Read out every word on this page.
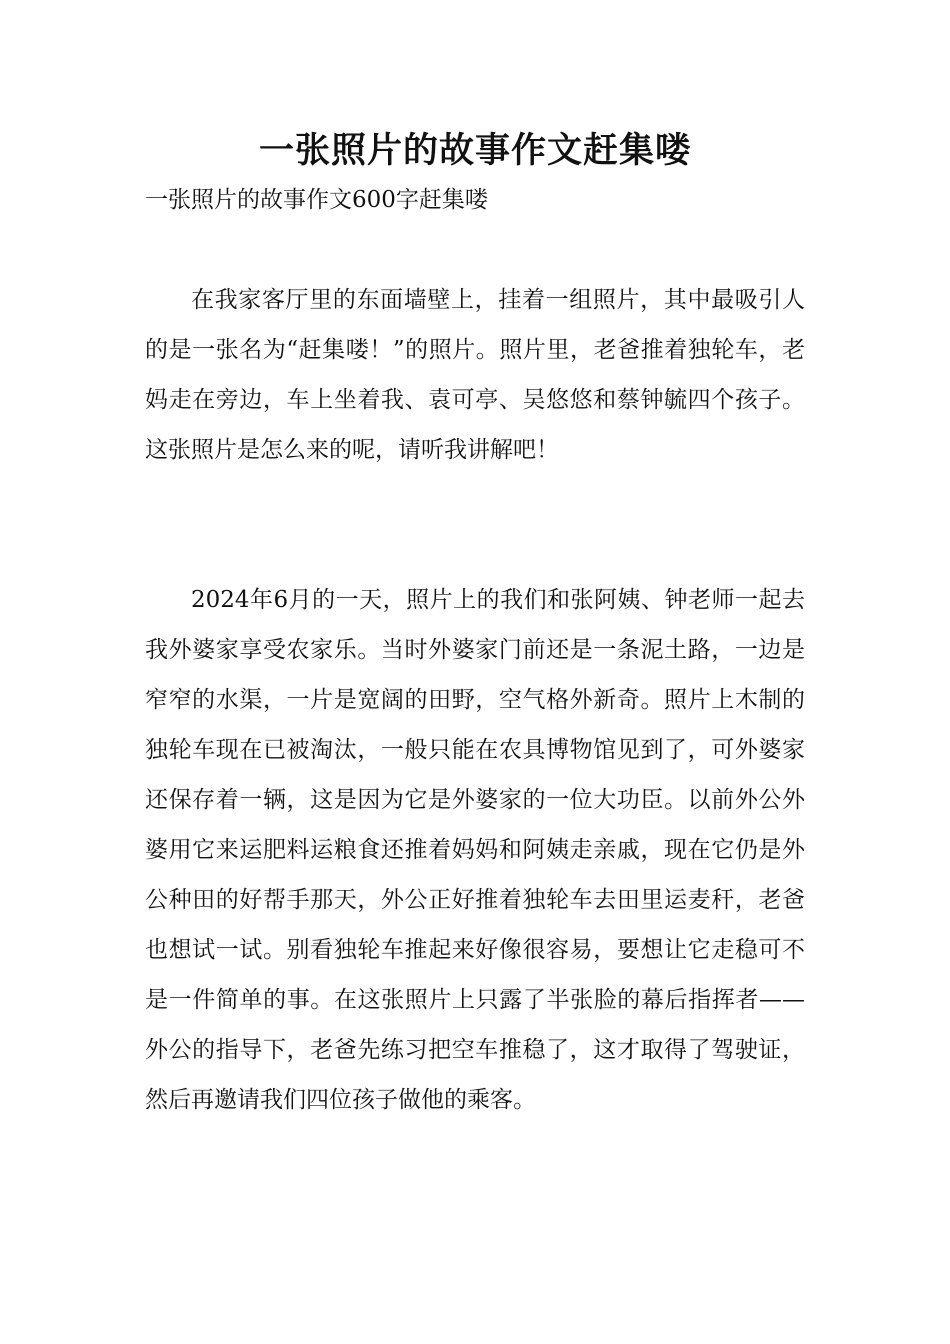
一张照片的故事作文赶集喽
一张照片的故事作文600字赶集喽

在我家客厅里的东面墙壁上，挂着一组照片，其中最吸引人的是一张名为“赶集喽！”的照片。照片里，老爸推着独轮车，老妈走在旁边，车上坐着我、袁可亭、吴悠悠和蔡钟毓四个孩子。这张照片是怎么来的呢，请听我讲解吧！

2024年6月的一天，照片上的我们和张阿姨、钟老师一起去我外婆家享受农家乐。当时外婆家门前还是一条泥土路，一边是窄窄的水渠，一片是宽阔的田野，空气格外新奇。照片上木制的独轮车现在已被淘汰，一般只能在农具博物馆见到了，可外婆家还保存着一辆，这是因为它是外婆家的一位大功臣。以前外公外婆用它来运肥料运粮食还推着妈妈和阿姨走亲戚，现在它仍是外公种田的好帮手那天，外公正好推着独轮车去田里运麦秆，老爸也想试一试。别看独轮车推起来好像很容易，要想让它走稳可不是一件简单的事。在这张照片上只露了半张脸的幕后指挥者——外公的指导下，老爸先练习把空车推稳了，这才取得了驾驶证，然后再邀请我们四位孩子做他的乘客。
